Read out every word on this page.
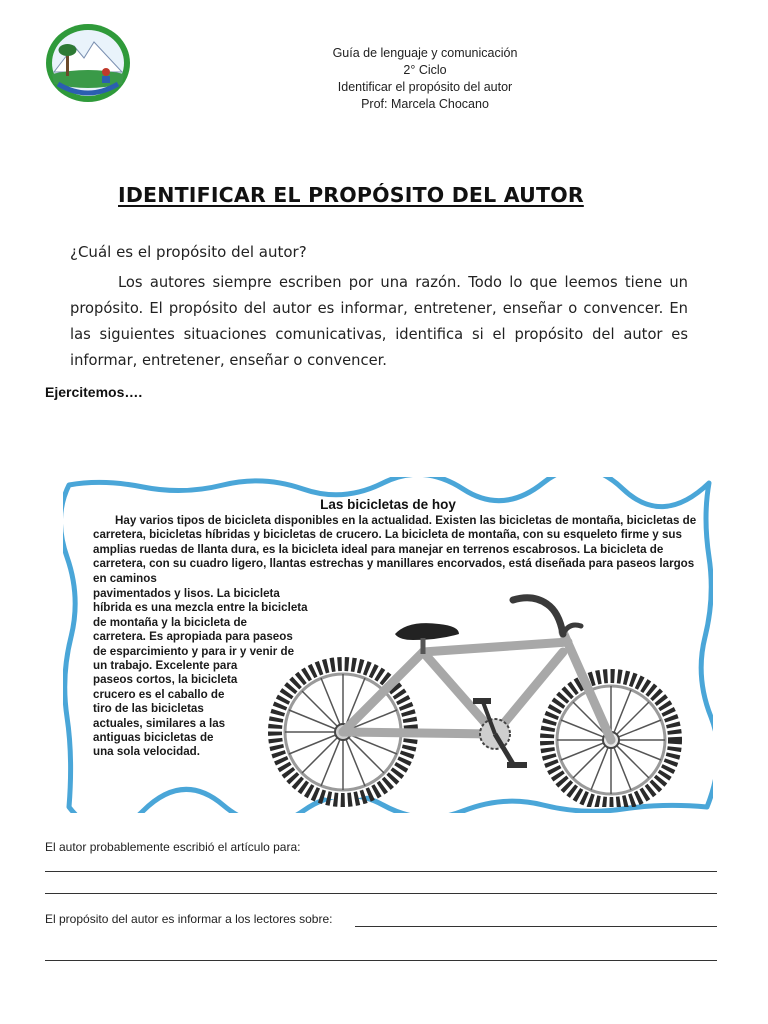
Guía de lenguaje y comunicación
2° Ciclo
Identificar el propósito del autor
Prof: Marcela Chocano
IDENTIFICAR EL PROPÓSITO DEL AUTOR
¿Cuál es el propósito del autor?
Los autores siempre escriben por una razón. Todo lo que leemos tiene un propósito. El propósito del autor es informar, entretener, enseñar o convencer. En las siguientes situaciones comunicativas, identifica si el propósito del autor es informar, entretener, enseñar o convencer.
Ejercitemos….
Las bicicletas de hoy
Hay varios tipos de bicicleta disponibles en la actualidad. Existen las bicicletas de montaña, bicicletas de carretera, bicicletas híbridas y bicicletas de crucero. La bicicleta de montaña, con su esqueleto firme y sus amplias ruedas de llanta dura, es la bicicleta ideal para manejar en terrenos escabrosos. La bicicleta de carretera, con su cuadro ligero, llantas estrechas y manillares encorvados, está diseñada para paseos largos en caminos
pavimentados y lisos. La bicicleta
híbrida es una mezcla entre la bicicleta
de montaña y la bicicleta de
carretera. Es apropiada para paseos
de esparcimiento y para ir y venir de
un trabajo. Excelente para
paseos cortos, la bicicleta
crucero es el caballo de
tiro de las bicicletas
actuales, similares a las
antiguas bicicletas de
una sola velocidad.
El autor probablemente escribió el artículo para:
El propósito del autor es informar a los lectores sobre:
